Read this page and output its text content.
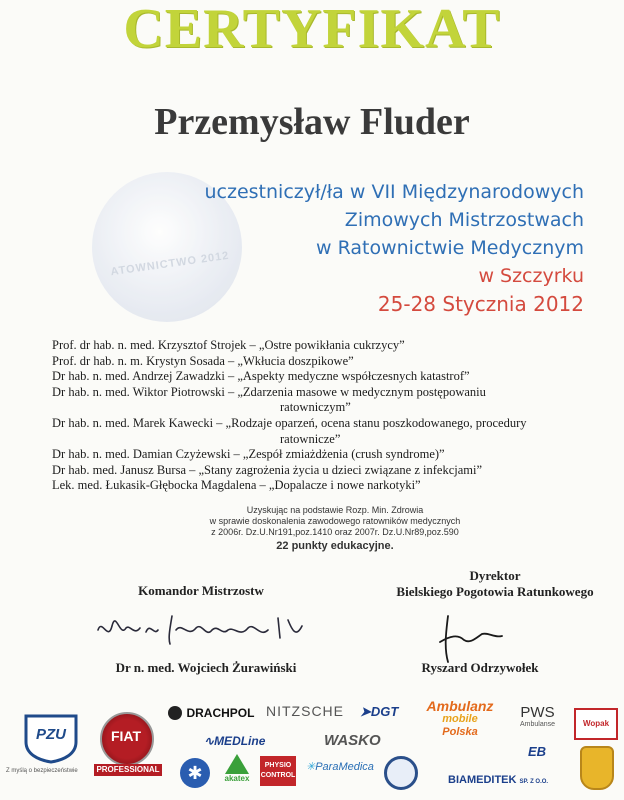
ATOWNICTWO 2012
CERTYFIKAT
Przemysław Fluder
uczestniczył/ła w VII Międzynarodowych
Zimowych Mistrzostwach
w Ratownictwie Medycznym
w Szczyrku
25-28 Stycznia 2012
Prof. dr hab. n. med. Krzysztof Strojek – „Ostre powikłania cukrzycy”
Prof. dr hab. n. m. Krystyn Sosada – „Wkłucia doszpikowe”
Dr hab. n. med. Andrzej Zawadzki – „Aspekty medyczne współczesnych katastrof”
Dr hab. n. med. Wiktor Piotrowski – „Zdarzenia masowe w medycznym postępowaniu
ratowniczym”
Dr hab. n. med. Marek Kawecki – „Rodzaje oparzeń, ocena stanu poszkodowanego, procedury
ratownicze”
Dr hab. n. med. Damian Czyżewski – „Zespół zmiażdżenia (crush syndrome)”
Dr hab. med. Janusz Bursa – „Stany zagrożenia życia u dzieci związane z infekcjami”
Lek. med. Łukasik-Głębocka Magdalena – „Dopalacze i nowe narkotyki”
Uzyskując na podstawie Rozp. Min. Zdrowia
w sprawie doskonalenia zawodowego ratowników medycznych
z 2006r. Dz.U.Nr191,poz.1410 oraz 2007r. Dz.U.Nr89,poz.590
22 punkty edukacyjne.
Komandor Mistrzostw
Dyrektor
Bielskiego Pogotowia Ratunkowego
Dr n. med. Wojciech Żurawiński	Ryszard Odrzywołek
PZU
Z myślą o bezpieczeństwie
FIAT
PROFESSIONAL
DRACHPOL NITZSCHE ➤DGT	Ambulanz
mobile
Polska
PWS
Ambulanse	Wopak
∿MEDLine	WASKO
EB
✱	akatex
PHYSIO CONTROL
✳ParaMedica
BIAMEDITEK SP. Z O.O.
